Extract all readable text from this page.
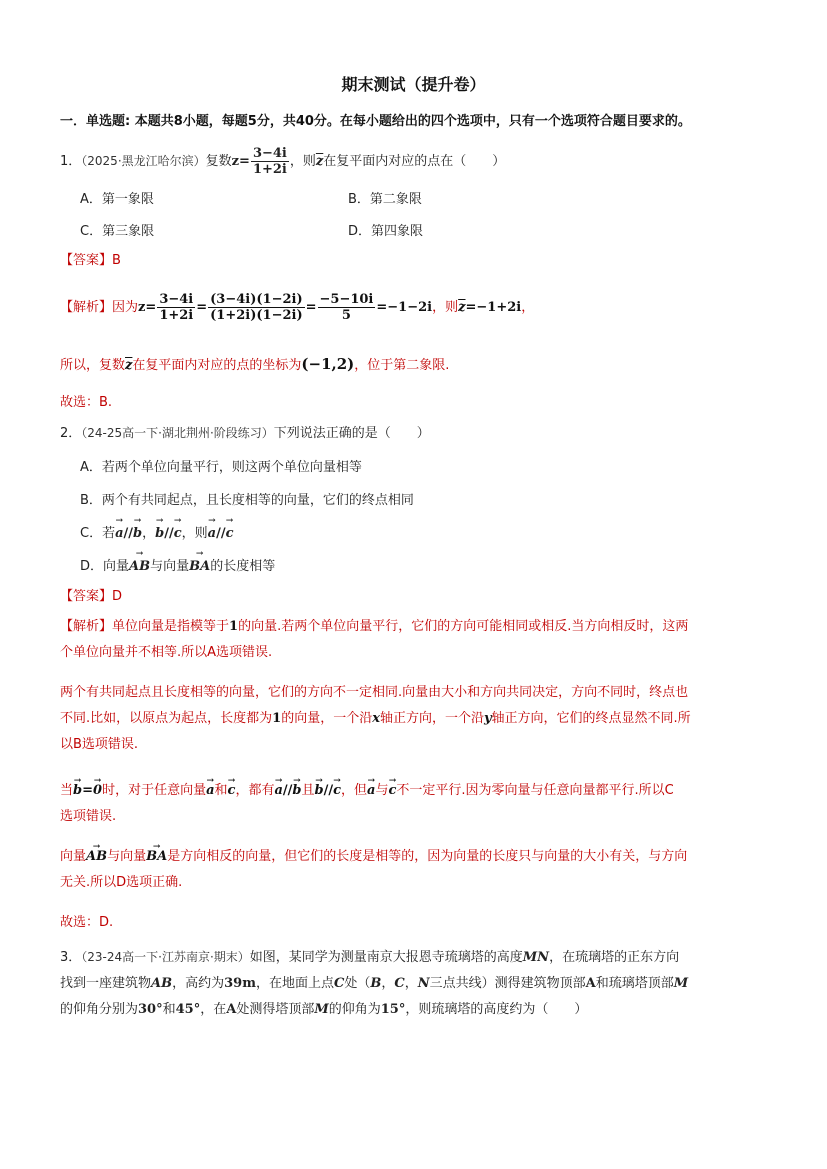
期末测试（提升卷）
一．单选题: 本题共8小题，每题5分，共40分。在每小题给出的四个选项中，只有一个选项符合题目要求的。
1．（2025·黑龙江哈尔滨）复数$z= \frac{3-4i}{1+2i}$ ，则$\overline{z}$在复平面内对应的点在（　　）
A．第一象限	B．第二象限
C．第三象限	D．第四象限
【答案】B
【解析】因为$z= \frac{3-4i}{1+2i} = \frac{(3-4i)(1-2i)}{(1+2i)(1-2i)} = \frac{-5-10i}{5} =-1-2i$，则$\overline{z}=-1+2i$，
所以，复数$\overline{z}$在复平面内对应的点的坐标为(−1,2)，位于第二象限.
故选：B.
2．（24-25高一下·湖北荆州·阶段练习）下列说法正确的是（　　）
A．若两个单位向量平行，则这两个单位向量相等
B．两个有共同起点，且长度相等的向量，它们的终点相同
C．若→ a//→ b，→ b//→ c，则→ a//→ c
D．向量→ AB与向量→ BA的长度相等
【答案】D
【解析】单位向量是指模等于1的向量.若两个单位向量平行，它们的方向可能相同或相反.当方向相反时，这两
个单位向量并不相等.所以A选项错误.
两个有共同起点且长度相等的向量，它们的方向不一定相同.向量由大小和方向共同决定，方向不同时，终点也
不同.比如，以原点为起点，长度都为1的向量，一个沿x轴正方向，一个沿y轴正方向，它们的终点显然不同.所
以B选项错误.
当→ b=→ 0时，对于任意向量→ a和→ c，都有→ a//→ b且→ b//→ c，但→ a与→ c不一定平行.因为零向量与任意向量都平行.所以C
选项错误.
向量→ AB与向量→ BA是方向相反的向量，但它们的长度是相等的，因为向量的长度只与向量的大小有关，与方向
无关.所以D选项正确.
故选：D.
3．（23-24高一下·江苏南京·期末）如图，某同学为测量南京大报恩寺琉璃塔的高度MN，在琉璃塔的正东方向
找到一座建筑物AB，高约为39m，在地面上点C处（B，C，N三点共线）测得建筑物顶部A和琉璃塔顶部M
的仰角分别为30°和45°，在A处测得塔顶部M的仰角为15°，则琉璃塔的高度约为（　　）
